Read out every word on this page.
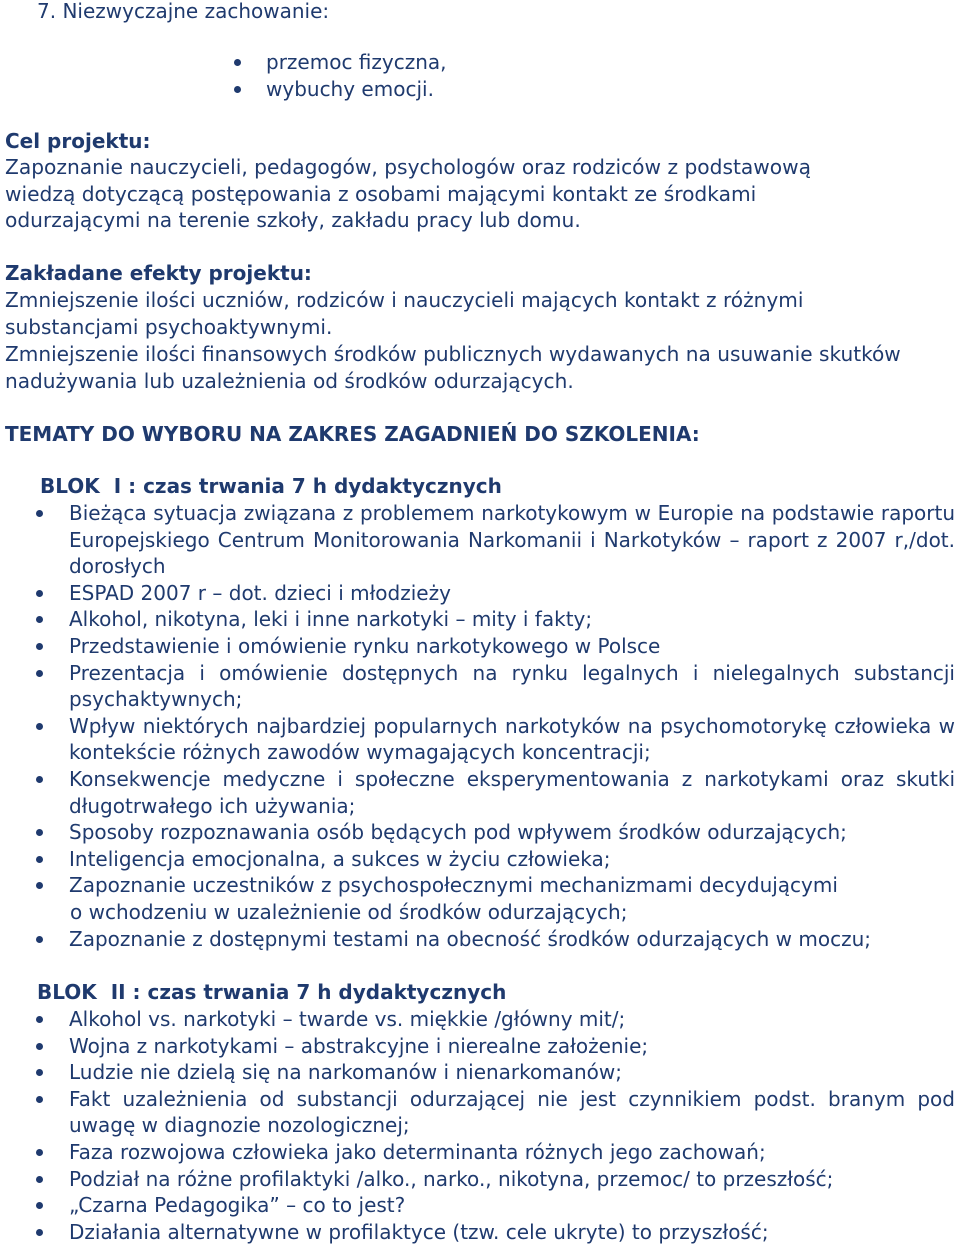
7. Niezwyczajne zachowanie:
przemoc fizyczna,
wybuchy emocji.
Cel projektu:
Zapoznanie nauczycieli, pedagogów, psychologów oraz rodziców z podstawową wiedzą dotyczącą postępowania z osobami mającymi kontakt ze środkami odurzającymi na terenie szkoły, zakładu pracy lub domu.
Zakładane efekty projektu:
Zmniejszenie ilości uczniów, rodziców i nauczycieli mających kontakt z różnymi substancjami psychoaktywnymi.
Zmniejszenie ilości finansowych środków publicznych wydawanych na usuwanie skutków nadużywania lub uzależnienia od środków odurzających.
TEMATY DO WYBORU NA ZAKRES ZAGADNIEŃ DO SZKOLENIA:
BLOK  I : czas trwania 7 h dydaktycznych
Bieżąca sytuacja związana z problemem narkotykowym w Europie na podstawie raportu Europejskiego Centrum Monitorowania Narkomanii i Narkotyków – raport z 2007 r,/dot. dorosłych
ESPAD 2007 r – dot. dzieci i młodzieży
Alkohol, nikotyna, leki i inne narkotyki – mity i fakty;
Przedstawienie i omówienie rynku narkotykowego w Polsce
Prezentacja i omówienie dostępnych na rynku legalnych i nielegalnych substancji psychaktywnych;
Wpływ niektórych najbardziej popularnych narkotyków na psychomotorykę człowieka w kontekście różnych zawodów wymagających koncentracji;
Konsekwencje medyczne i społeczne eksperymentowania z narkotykami oraz skutki długotrwałego ich używania;
Sposoby rozpoznawania osób będących pod wpływem środków odurzających;
Inteligencja emocjonalna, a sukces w życiu człowieka;
Zapoznanie uczestników z psychospołecznymi mechanizmami decydującymi
o wchodzeniu w uzależnienie od środków odurzających;
Zapoznanie z dostępnymi testami na obecność środków odurzających w moczu;
BLOK  II : czas trwania 7 h dydaktycznych
Alkohol vs. narkotyki – twarde vs. miękkie /główny mit/;
Wojna z narkotykami – abstrakcyjne i nierealne założenie;
Ludzie nie dzielą się na narkomanów i nienarkomanów;
Fakt uzależnienia od substancji odurzającej nie jest czynnikiem podst. branym pod uwagę w diagnozie nozologicznej;
Faza rozwojowa człowieka jako determinanta różnych jego zachowań;
Podział na różne profilaktyki /alko., narko., nikotyna, przemoc/ to przeszłość;
„Czarna Pedagogika” – co to jest?
Działania alternatywne w profilaktyce (tzw. cele ukryte) to przyszłość;
